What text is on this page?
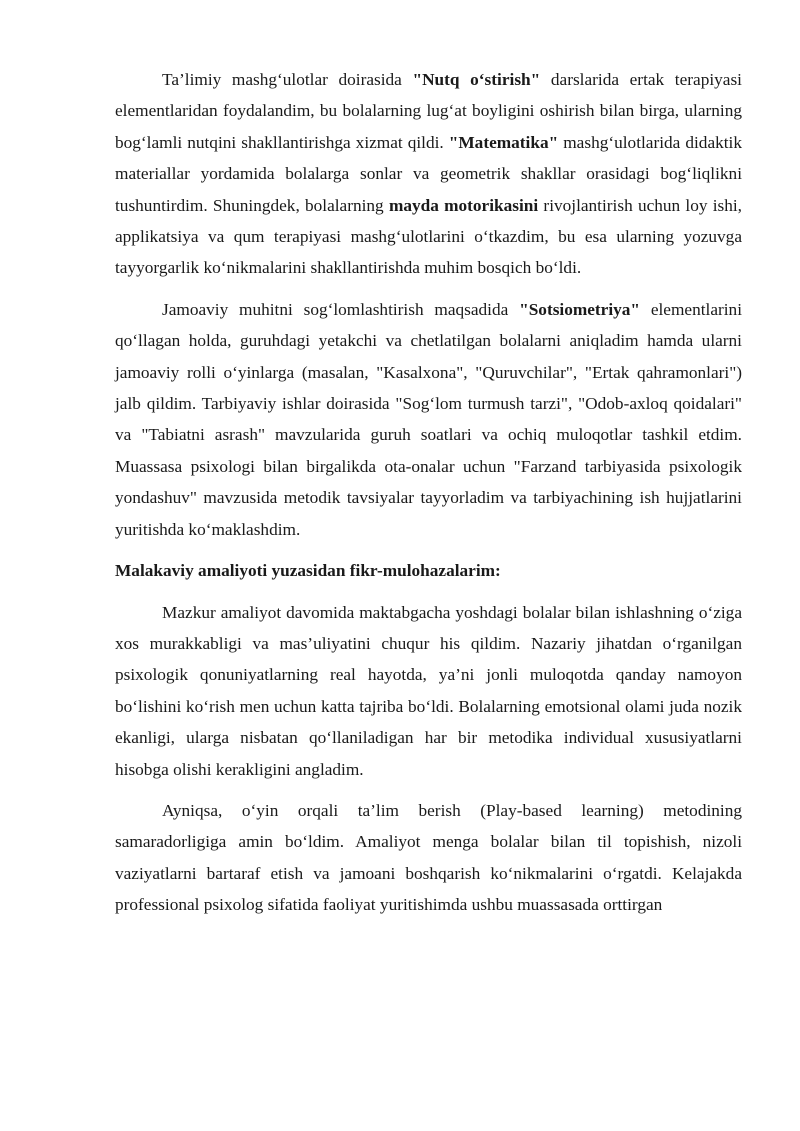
Ta’limiy mashg‘ulotlar doirasida "Nutq o‘stirish" darslarida ertak terapiyasi elementlaridan foydalandim, bu bolalarning lug‘at boyligini oshirish bilan birga, ularning bog‘lamli nutqini shakllantirishga xizmat qildi. "Matematika" mashg‘ulotlarida didaktik materiallar yordamida bolalarga sonlar va geometrik shakllar orasidagi bog‘liqlikni tushuntirdim. Shuningdek, bolalarning mayda motorikasini rivojlantirish uchun loy ishi, applikatsiya va qum terapiyasi mashg‘ulotlarini o‘tkazdim, bu esa ularning yozuvga tayyorgarlik ko‘nikmalarini shakllantirishda muhim bosqich bo‘ldi.

Jamoaviy muhitni sog‘lomlashtirish maqsadida "Sotsiometriya" elementlarini qo‘llagan holda, guruhdagi yetakchi va chetlatilgan bolalarni aniqladim hamda ularni jamoaviy rolli o‘yinlarga (masalan, "Kasalxona", "Quruvchilar", "Ertak qahramonlari") jalb qildim. Tarbiyaviy ishlar doirasida "Sog‘lom turmush tarzi", "Odob-axloq qoidalari" va "Tabiatni asrash" mavzularida guruh soatlari va ochiq muloqotlar tashkil etdim. Muassasa psixologi bilan birgalikda ota-onalar uchun "Farzand tarbiyasida psixologik yondashuv" mavzusida metodik tavsiyalar tayyorladim va tarbiyachining ish hujjatlarini yuritishda ko‘maklashdim.

Malakaviy amaliyoti yuzasidan fikr-mulohazalarim:

Mazkur amaliyot davomida maktabgacha yoshdagi bolalar bilan ishlashning o‘ziga xos murakkabligi va mas’uliyatini chuqur his qildim. Nazariy jihatdan o‘rganilgan psixologik qonuniyatlarning real hayotda, ya’ni jonli muloqotda qanday namoyon bo‘lishini ko‘rish men uchun katta tajriba bo‘ldi. Bolalarning emotsional olami juda nozik ekanligi, ularga nisbatan qo‘llaniladigan har bir metodika individual xususiyatlarni hisobga olishi kerakligini angladim.

Ayniqsa, o‘yin orqali ta’lim berish (Play-based learning) metodining samaradorligiga amin bo‘ldim. Amaliyot menga bolalar bilan til topishish, nizoli vaziyatlarni bartaraf etish va jamoani boshqarish ko‘nikmalarini o‘rgatdi. Kelajakda professional psixolog sifatida faoliyat yuritishimda ushbu muassasada orttirgan
